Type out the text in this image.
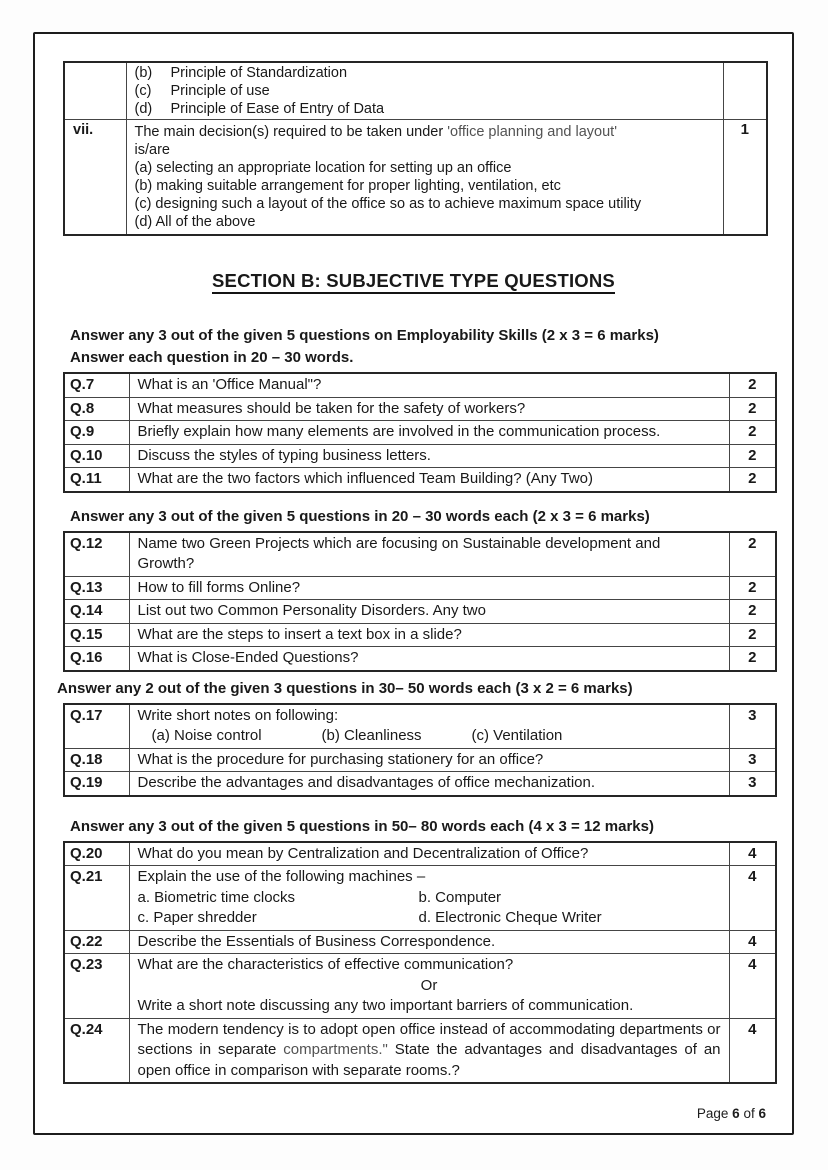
	(b) Principle of Standardization
(c) Principle of use
(d) Principle of Ease of Entry of Data	

vii.	The main decision(s) required to be taken under 'office planning and layout'
is/are
(a) selecting an appropriate location for setting up an office
(b) making suitable arrangement for proper lighting, ventilation, etc
(c) designing such a layout of the office so as to achieve maximum space utility
(d) All of the above
	1
SECTION B: SUBJECTIVE TYPE QUESTIONS
Answer any 3 out of the given 5 questions on Employability Skills (2 x 3 = 6 marks)
Answer each question in 20 – 30 words.
Q.7	What is an 'Office Manual"?	2
Q.8	What measures should be taken for the safety of workers?	2
Q.9	Briefly explain how many elements are involved in the communication process.	2
Q.10	Discuss the styles of typing business letters.	2
Q.11	What are the two factors which influenced Team Building? (Any Two)	2
Answer any 3 out of the given 5 questions in 20 – 30 words each (2 x 3 = 6 marks)
Q.12	Name two Green Projects which are focusing on Sustainable development and Growth?	2
Q.13	How to fill forms Online?	2
Q.14	List out two Common Personality Disorders. Any two	2
Q.15	What are the steps to insert a text box in a slide?	2
Q.16	What is Close-Ended Questions?	2
Answer any 2 out of the given 3 questions in 30– 50 words each (3 x 2 = 6 marks)
Q.17	Write short notes on following:
(a) Noise control (b) Cleanliness (c) Ventilation	3
Q.18	What is the procedure for purchasing stationery for an office?	3
Q.19	Describe the advantages and disadvantages of office mechanization.	3
Answer any 3 out of the given 5 questions in 50– 80 words each (4 x 3 = 12 marks)
Q.20	What do you mean by Centralization and Decentralization of Office?	4
Q.21	Explain the use of the following machines –
a. Biometric time clocks b. Computer
c. Paper shredder d. Electronic Cheque Writer	4
Q.22	Describe the Essentials of Business Correspondence.	4
Q.23	What are the characteristics of effective communication?
Or
Write a short note discussing any two important barriers of communication.	4
Q.24	The modern tendency is to adopt open office instead of accommodating departments or sections in separate compartments." State the advantages and disadvantages of an open office in comparison with separate rooms.?	4
Page 6 of 6
